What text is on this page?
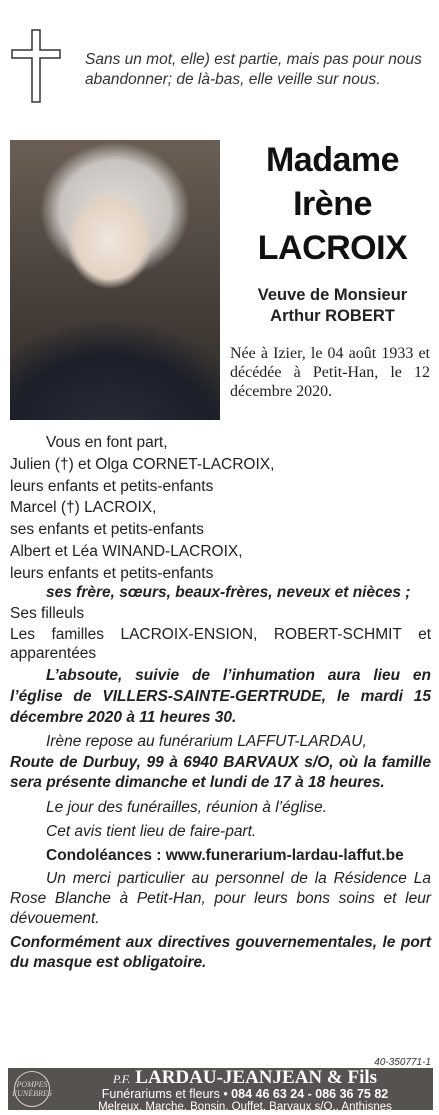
Sans un mot, elle) est partie, mais pas pour nous abandonner; de là-bas, elle veille sur nous.
Madame
Irène
LACROIX
Veuve de Monsieur
Arthur ROBERT
Née à Izier, le 04 août 1933 et décédée à Petit-Han, le 12 décembre 2020.

Vous en font part,

Julien (†) et Olga CORNET-LACROIX,

leurs enfants et petits-enfants

Marcel (†) LACROIX,

ses enfants et petits-enfants

Albert et Léa WINAND-LACROIX,

leurs enfants et petits-enfants

ses frère, sœurs, beaux-frères, neveux et nièces ;

Ses filleuls

Les familles LACROIX-ENSION, ROBERT-SCHMIT et apparentées

L’absoute, suivie de l’inhumation aura lieu en l’église de VILLERS-SAINTE-GERTRUDE, le mardi 15 décembre 2020 à 11 heures 30.

Irène repose au funérarium LAFFUT-LARDAU,

Route de Durbuy, 99 à 6940 BARVAUX s/O, où la famille sera présente dimanche et lundi de 17 à 18 heures.

Le jour des funérailles, réunion à l’église.

Cet avis tient lieu de faire-part.

Condoléances : www.funerarium-lardau-laffut.be

Un merci particulier au personnel de la Résidence La Rose Blanche à Petit-Han, pour leurs bons soins et leur dévouement.

Conformément aux directives gouvernementales, le port du masque est obligatoire.

40-350771-1
POMPES FUNÈBRES
P.F. LARDAU-JEANJEAN & Fils
Funérariums et fleurs • 084 46 63 24 - 086 36 75 82
Melreux, Marche, Bonsin, Ouffet, Barvaux s/O., Anthisnes
